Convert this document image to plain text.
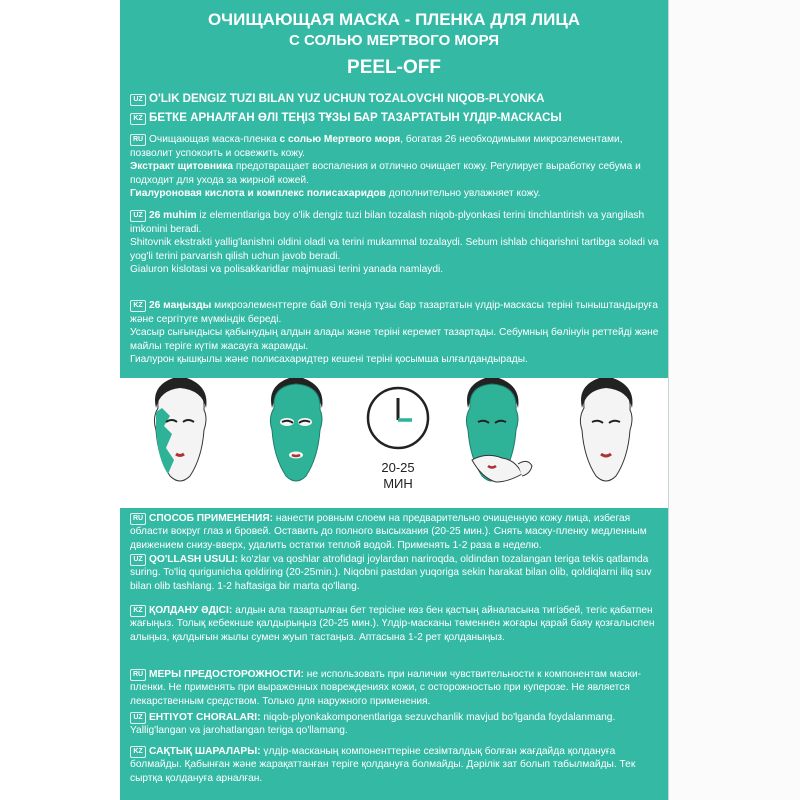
ОЧИЩАЮЩАЯ МАСКА - ПЛЕНКА ДЛЯ ЛИЦА
С СОЛЬЮ МЕРТВОГО МОРЯ
PEEL-OFF
UZ O'LIK DENGIZ TUZI BILAN YUZ UCHUN TOZALOVCHI NIQOB-PLYONKA
KZ БЕТКЕ АРНАЛҒАН ӨЛІ ТЕҢІЗ ТҰЗЫ БАР ТАЗАРТАТЫН ҮЛДІР-МАСКАСЫ

RU Очищающая маска-пленка с солью Мертвого моря, богатая 26 необходимыми микроэлементами, позволит успокоить и освежить кожу.

Экстракт щитовника предотвращает воспаления и отлично очищает кожу. Регулирует выработку себума и подходит для ухода за жирной кожей.

Гиалуроновая кислота и комплекс полисахаридов дополнительно увлажняет кожу.

UZ 26 muhim iz elementlariga boy o'lik dengiz tuzi bilan tozalash niqob-plyonkasi terini tinchlantirish va yangilash imkonini beradi.

Shitovnik ekstrakti yallig'lanishni oldini oladi va terini mukammal tozalaydi. Sebum ishlab chiqarishni tartibga soladi va yog'li terini parvarish qilish uchun javob beradi.

Gialuron kislotasi va polisakkaridlar majmuasi terini yanada namlaydi.

KZ 26 маңызды микроэлементтерге бай Өлі теңіз тұзы бар тазартатын үлдір-маскасы терiнi тыныштандыруға және сергітуге мүмкіндік береді.

Усасыр сығындысы қабынудың алдын алады және терiнi керемет тазартады. Себумның бөлінуін реттейді және майлы теріге күтім жасауға жарамды.

Гиалурон қышқылы және полисахаридтер кешені терiнi қосымша ылғалдандырады.

20-25
МИН

RU СПОСОБ ПРИМЕНЕНИЯ: нанести ровным слоем на предварительно очищенную кожу лица, избегая области вокруг глаз и бровей. Оставить до полного высыхания (20-25 мин.). Снять маску-пленку медленным движением снизу-вверх, удалить остатки теплой водой. Применять 1-2 раза в неделю.

UZ QO'LLASH USULI: ko'zlar va qoshlar atrofidagi joylardan nariroqda, oldindan tozalangan teriga tekis qatlamda suring. To'liq qurigunicha qoldiring (20-25min.). Niqobni pastdan yuqoriga sekin harakat bilan olib, qoldiqlarni iliq suv bilan olib tashlang. 1-2 haftasiga bir marta qo'llang.

KZ ҚОЛДАНУ ӘДІСІ: алдын ала тазартылған бет терісіне көз бен қастың айналасына тигізбей, тегіс қабатпен жағыңыз. Толық кебекнше қалдырыңыз (20-25 мин.). Үлдір-масканы төменнен жоғары қарай баяу қозғалыспен алыңыз, қалдығын жылы сумен жуып тастаңыз. Аптасына 1-2 рет қолданыңыз.

RU МЕРЫ ПРЕДОСТОРОЖНОСТИ: не использовать при наличии чувствительности к компонентам маски-пленки. Не применять при выраженных повреждениях кожи, с осторожностью при куперозе. Не является лекарственным средством. Только для наружного применения.

UZ EHTIYOT CHORALARI: niqob-plyonkakomponentlariga sezuvchanlik mavjud bo'lganda foydalanmang. Yallig'langan va jarohatlangan teriga qo'llamang.

KZ САҚТЫҚ ШАРАЛАРЫ: үлдір-масканың компоненттеріне сезімталдық болған жағдайда қолдануға болмайды. Қабынған және жарақаттанған теріге қолдануға болмайды. Дәрілік зат болып табылмайды. Тек сыртқа қолдануға арналған.
